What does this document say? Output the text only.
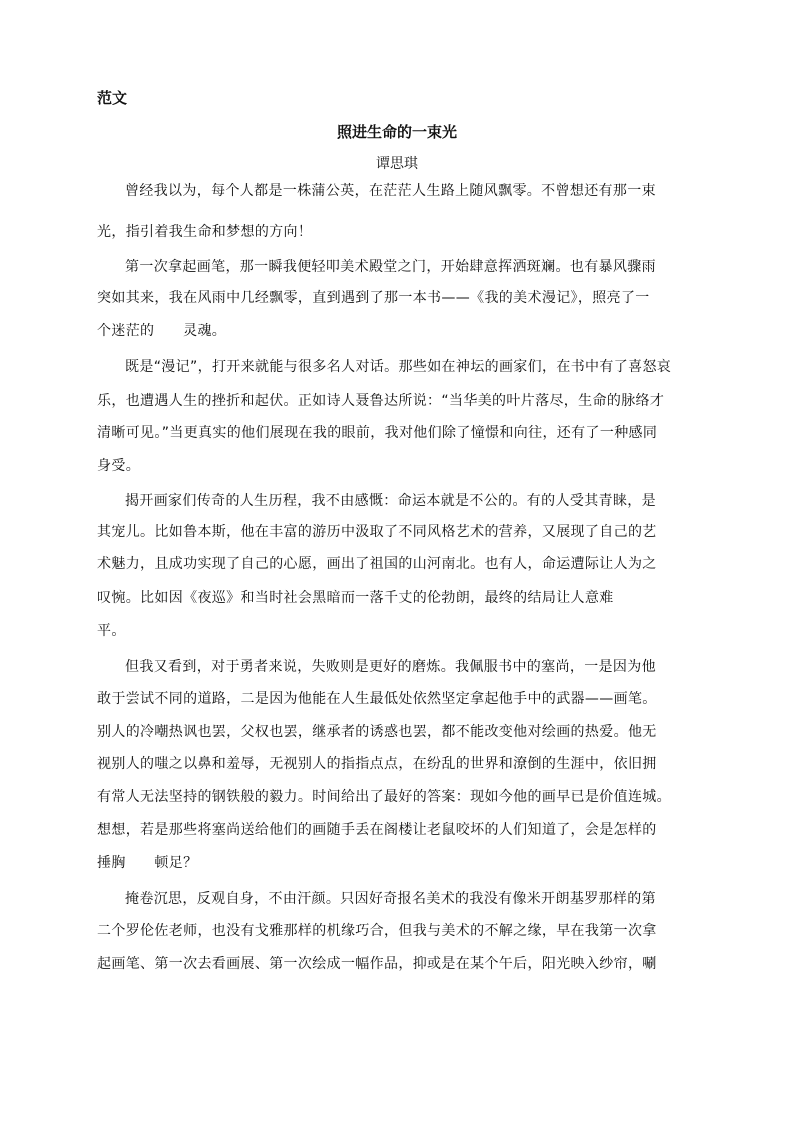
范文
照进生命的一束光
谭思琪
曾经我以为，每个人都是一株蒲公英，在茫茫人生路上随风飘零。不曾想还有那一束
光，指引着我生命和梦想的方向！
第一次拿起画笔，那一瞬我便轻叩美术殿堂之门，开始肆意挥洒斑斓。也有暴风骤雨
突如其来，我在风雨中几经飘零，直到遇到了那一本书——《我的美术漫记》，照亮了一
个迷茫的　　灵魂。
既是“漫记”，打开来就能与很多名人对话。那些如在神坛的画家们，在书中有了喜怒哀
乐，也遭遇人生的挫折和起伏。正如诗人聂鲁达所说：“当华美的叶片落尽，生命的脉络才
清晰可见。”当更真实的他们展现在我的眼前，我对他们除了憧憬和向往，还有了一种感同
身受。
揭开画家们传奇的人生历程，我不由感慨：命运本就是不公的。有的人受其青睐，是
其宠儿。比如鲁本斯，他在丰富的游历中汲取了不同风格艺术的营养，又展现了自己的艺
术魅力，且成功实现了自己的心愿，画出了祖国的山河南北。也有人，命运遭际让人为之
叹惋。比如因《夜巡》和当时社会黑暗而一落千丈的伦勃朗，最终的结局让人意难
平。
但我又看到，对于勇者来说，失败则是更好的磨炼。我佩服书中的塞尚，一是因为他
敢于尝试不同的道路，二是因为他能在人生最低处依然坚定拿起他手中的武器——画笔。
别人的冷嘲热讽也罢，父权也罢，继承者的诱惑也罢，都不能改变他对绘画的热爱。他无
视别人的嗤之以鼻和羞辱，无视别人的指指点点，在纷乱的世界和潦倒的生涯中，依旧拥
有常人无法坚持的钢铁般的毅力。时间给出了最好的答案：现如今他的画早已是价值连城。
想想，若是那些将塞尚送给他们的画随手丢在阁楼让老鼠咬坏的人们知道了，会是怎样的
捶胸　　顿足？
掩卷沉思，反观自身，不由汗颜。只因好奇报名美术的我没有像米开朗基罗那样的第
二个罗伦佐老师，也没有戈雅那样的机缘巧合，但我与美术的不解之缘，早在我第一次拿
起画笔、第一次去看画展、第一次绘成一幅作品，抑或是在某个午后，阳光映入纱帘，唰
